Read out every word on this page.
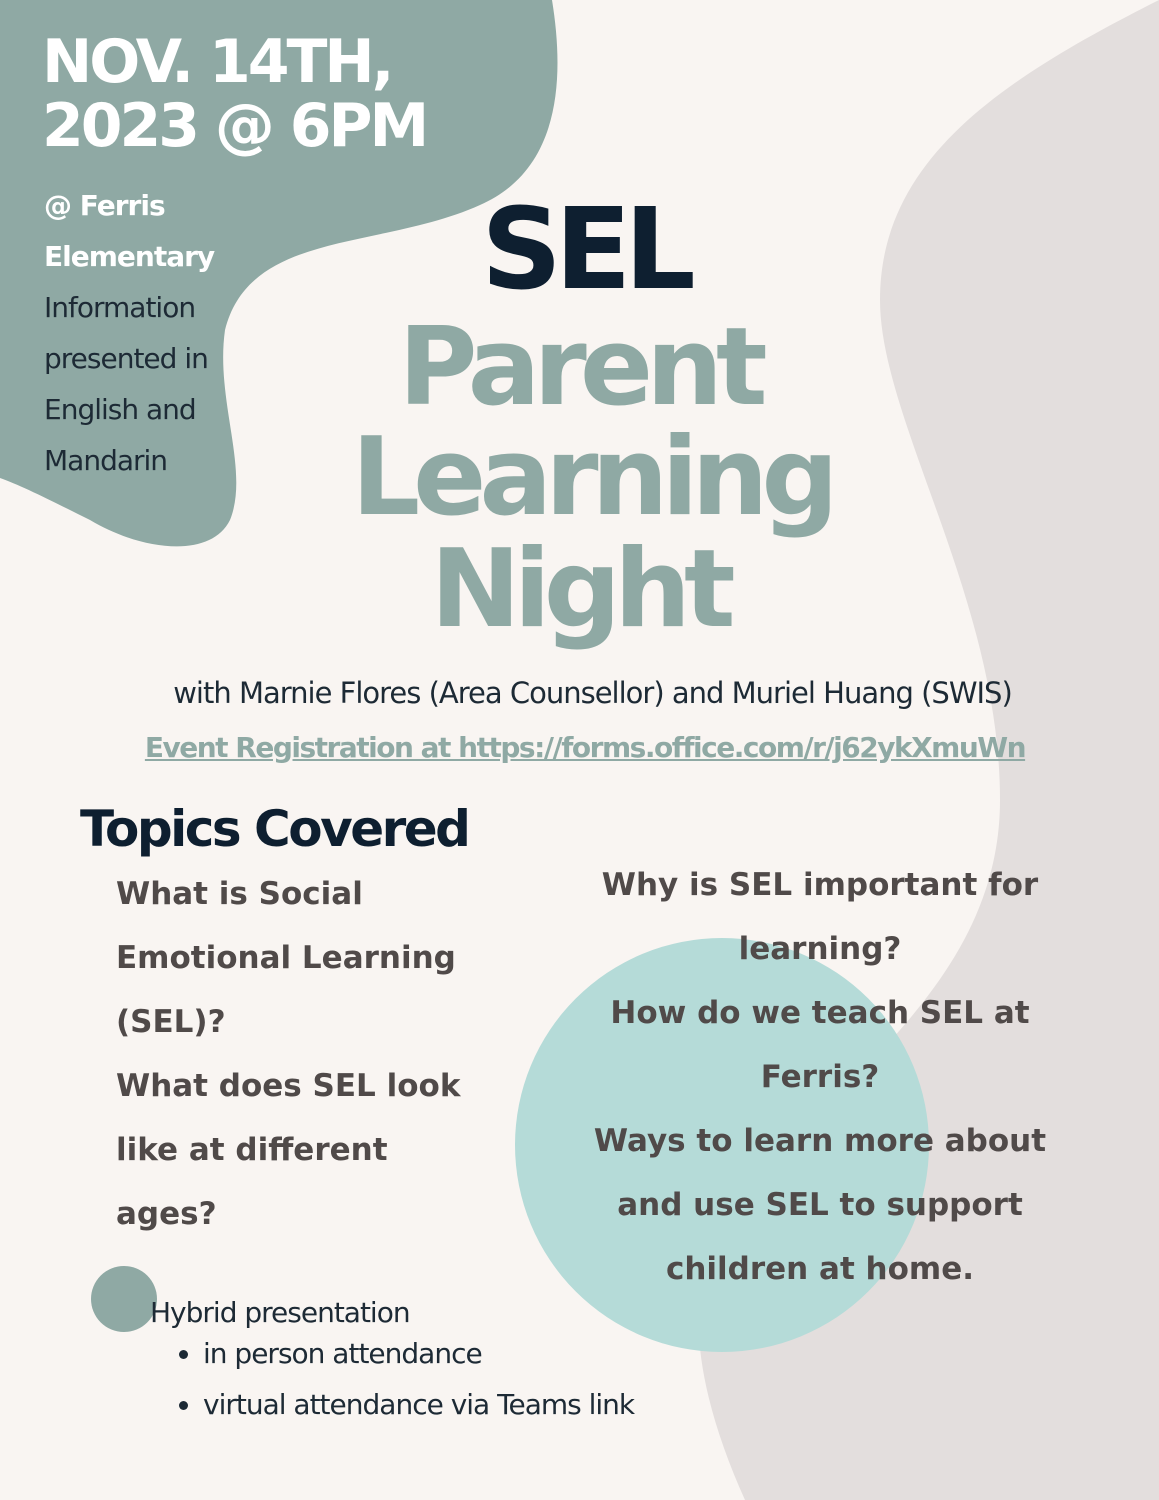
NOV. 14TH,
2023 @ 6PM
@ Ferris
Elementary
Information
presented in
English and
Mandarin
SEL
Parent
Learning
Night
with Marnie Flores (Area Counsellor) and Muriel Huang (SWIS)
Event Registration at https://forms.office.com/r/j62ykXmuWn
Topics Covered
What is Social
Emotional Learning
(SEL)?
What does SEL look
like at different
ages?
Why is SEL important for
learning?
How do we teach SEL at
Ferris?
Ways to learn more about
and use SEL to support
children at home.
Hybrid presentation
• in person attendance
• virtual attendance via Teams link
